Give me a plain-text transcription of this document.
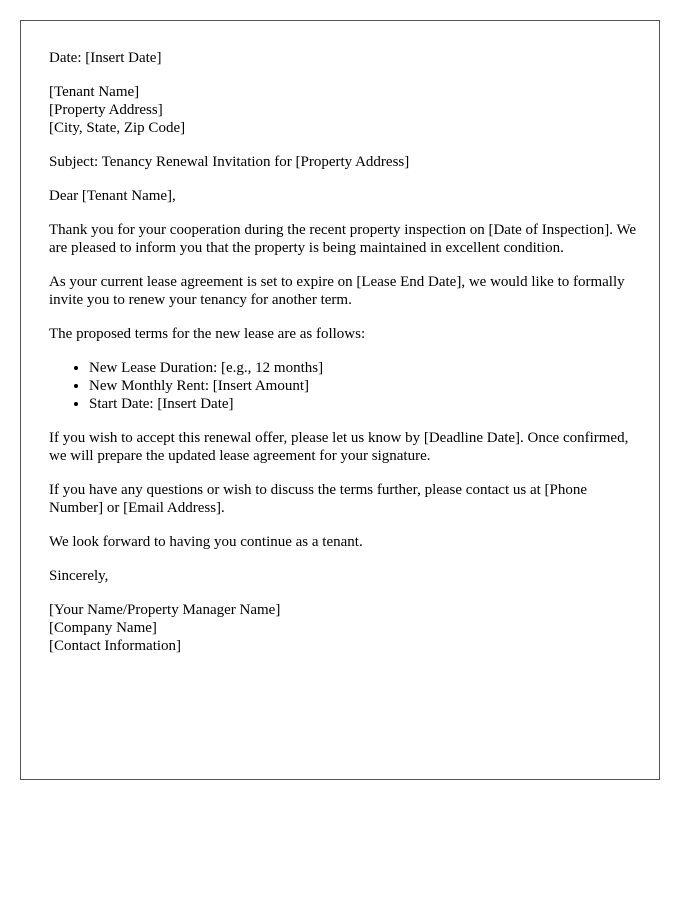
Date: [Insert Date]

[Tenant Name]
[Property Address]
[City, State, Zip Code]

Subject: Tenancy Renewal Invitation for [Property Address]

Dear [Tenant Name],

Thank you for your cooperation during the recent property inspection on [Date of Inspection]. We are pleased to inform you that the property is being maintained in excellent condition.

As your current lease agreement is set to expire on [Lease End Date], we would like to formally invite you to renew your tenancy for another term.

The proposed terms for the new lease are as follows:

• New Lease Duration: [e.g., 12 months]
• New Monthly Rent: [Insert Amount]
• Start Date: [Insert Date]

If you wish to accept this renewal offer, please let us know by [Deadline Date]. Once confirmed, we will prepare the updated lease agreement for your signature.

If you have any questions or wish to discuss the terms further, please contact us at [Phone Number] or [Email Address].

We look forward to having you continue as a tenant.

Sincerely,

[Your Name/Property Manager Name]
[Company Name]
[Contact Information]
